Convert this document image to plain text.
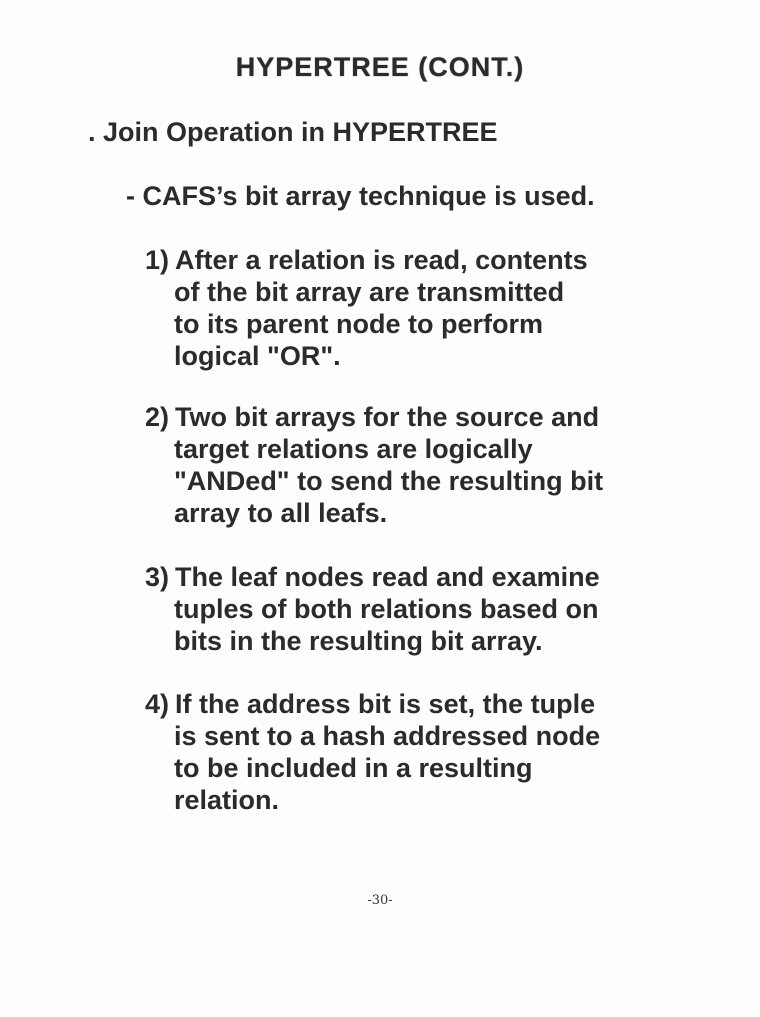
HYPERTREE (CONT.)
. Join Operation in HYPERTREE
- CAFS’s bit array technique is used.
1) After a relation is read, contents
of the bit array are transmitted
to its parent node to perform
logical "OR".
2) Two bit arrays for the source and
target relations are logically
"ANDed" to send the resulting bit
array to all leafs.
3) The leaf nodes read and examine
tuples of both relations based on
bits in the resulting bit array.
4) If the address bit is set, the tuple
is sent to a hash addressed node
to be included in a resulting
relation.
-30-
